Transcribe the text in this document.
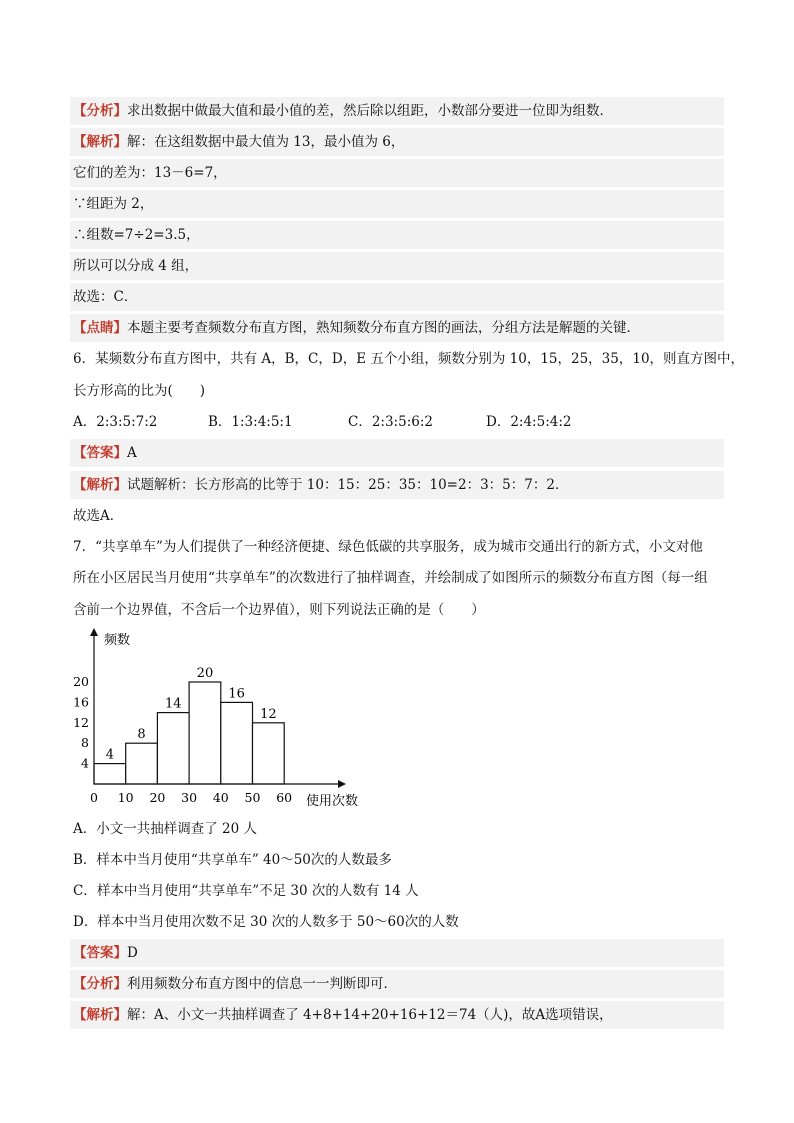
【分析】求出数据中做最大值和最小值的差，然后除以组距，小数部分要进一位即为组数．
【解析】解：在这组数据中最大值为 13，最小值为 6，
它们的差为：13－6=7，
∵组距为 2，
∴组数=7÷2=3.5，
所以可以分成 4 组，
故选：C．
【点睛】本题主要考查频数分布直方图，熟知频数分布直方图的画法，分组方法是解题的关键．
6．某频数分布直方图中，共有 A，B，C，D，E 五个小组，频数分别为 10，15，25，35，10，则直方图中，
长方形高的比为(　　)
A．2:3:5:7:2	B．1:3:4:5:1	C．2:3:5:6:2	D．2:4:5:4:2
【答案】A
【解析】试题解析：长方形高的比等于 10：15：25：35：10=2：3：5：7：2．
故选A．
7．“共享单车”为人们提供了一种经济便捷、绿色低碳的共享服务，成为城市交通出行的新方式，小文对他
所在小区居民当月使用“共享单车”的次数进行了抽样调查，并绘制成了如图所示的频数分布直方图（每一组
含前一个边界值，不含后一个边界值），则下列说法正确的是（　　）
4
8
14
20
16
12
0 10 20 30 40 50 60
4
8
12
16
20
频数
使用次数
A．小文一共抽样调查了 20 人
B．样本中当月使用“共享单车” 40～50次的人数最多
C．样本中当月使用“共享单车”不足 30 次的人数有 14 人
D．样本中当月使用次数不足 30 次的人数多于 50～60次的人数
【答案】D
【分析】利用频数分布直方图中的信息一一判断即可．
【解析】解：A、小文一共抽样调查了 4+8+14+20+16+12＝74（人)，故A选项错误，
